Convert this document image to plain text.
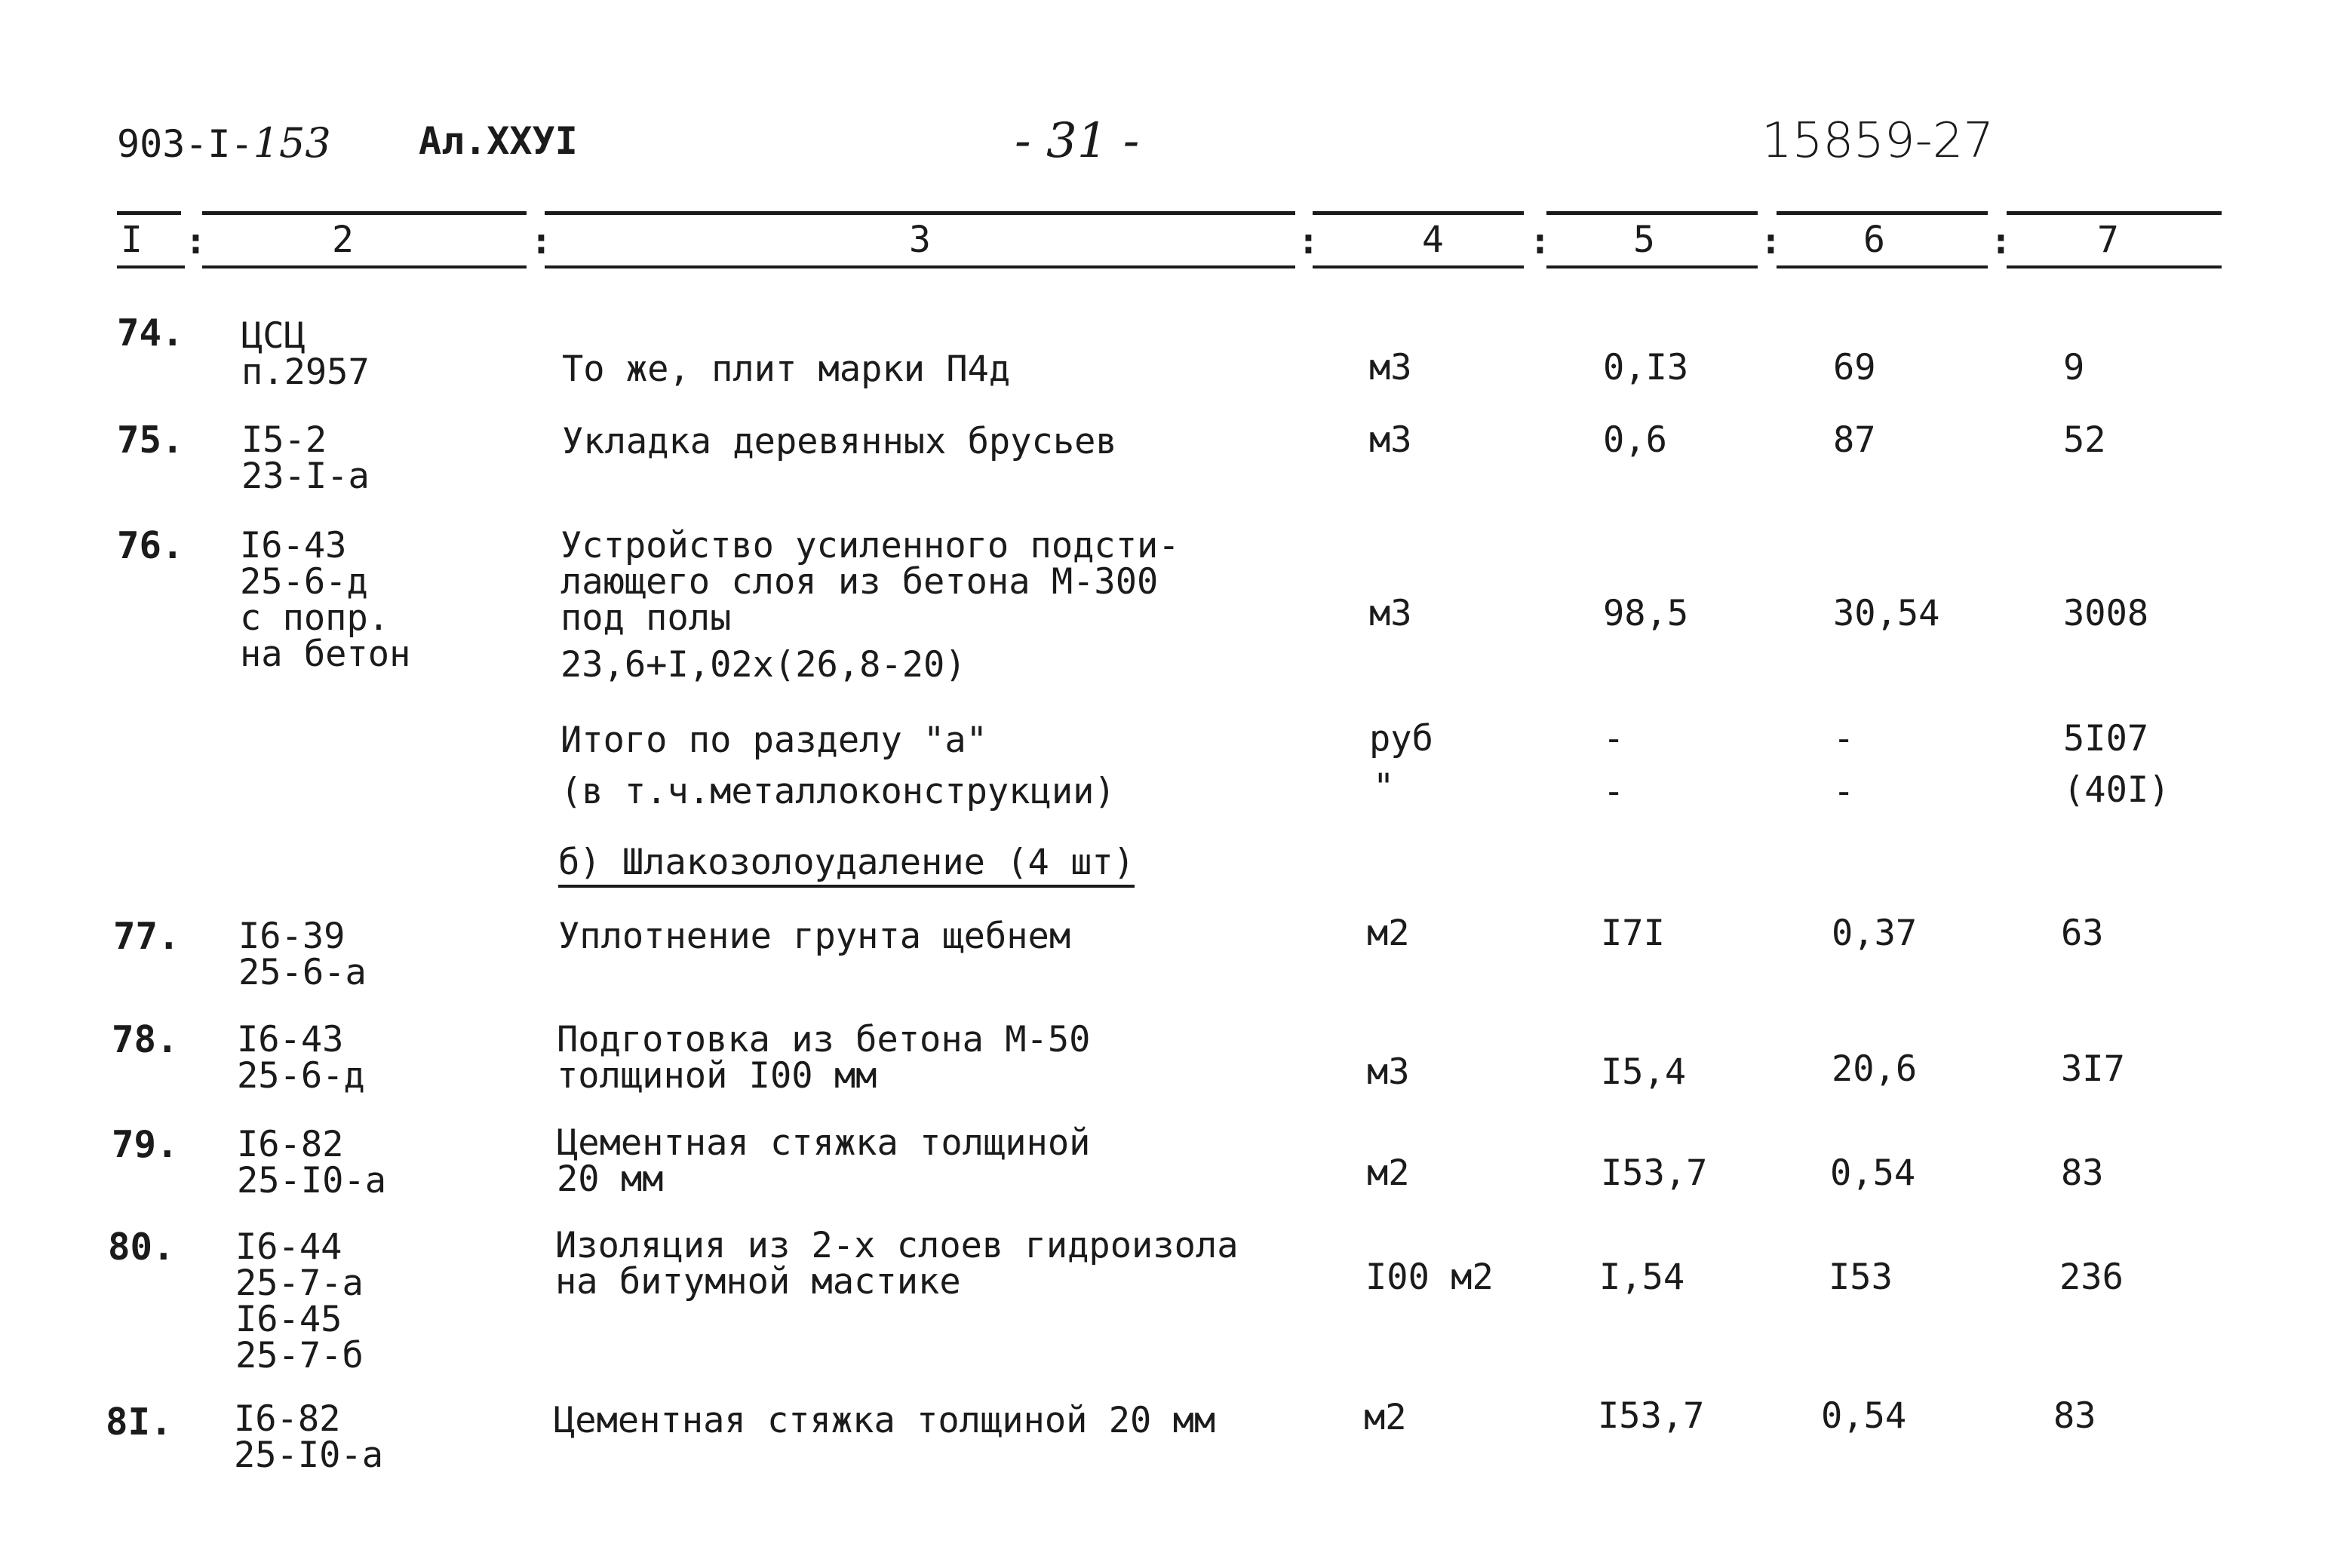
903-I-153 Ал.ХХУI	- 31 -	15859-27
I	2	3	4	5	6	7
:	:	:	:	:	:
74. ЦСЦ
п.2957	То же, плит марки П4д	м3	0,I3	69	9
75. I5-2
23-I-а
Укладка деревянных брусьев	м3	0,6	87	52
76. I6-43
25-6-д
с попр.
на бетон
Устройство усиленного подсти-
лающего слоя из бетона М-300
под полы
23,6+I,02х(26,8-20)
м3	98,5	30,54	3008
Итого по разделу "а"	руб	-	-	5I07
(в т.ч.металлоконструкции)	"	-	-	(40I)
б) Шлакозолоудаление (4 шт)
77. I6-39
25-6-а
Уплотнение грунта щебнем	м2	I7I	0,37	63
78. I6-43
25-6-д
Подготовка из бетона М-50
толщиной I00 мм	м3	I5,4	20,6	3I7
79. I6-82
25-I0-а
Цементная стяжка толщиной
20 мм	м2	I53,7	0,54	83
80. I6-44
25-7-а
I6-45
25-7-б
Изоляция из 2-х слоев гидроизола
на битумной мастике	I00 м2	I,54	I53	236
8I. I6-82
25-I0-а
Цементная стяжка толщиной 20 мм	м2	I53,7	0,54	83
